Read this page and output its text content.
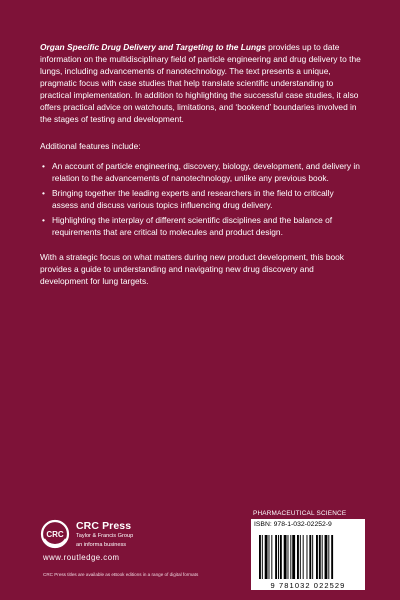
Organ Specific Drug Delivery and Targeting to the Lungs provides up to date information on the multidisciplinary field of particle engineering and drug delivery to the lungs, including advancements of nanotechnology. The text presents a unique, pragmatic focus with case studies that help translate scientific understanding to practical implementation. In addition to highlighting the successful case studies, it also offers practical advice on watchouts, limitations, and ‘bookend’ boundaries involved in the stages of testing and development.

Additional features include:

• An account of particle engineering, discovery, biology, development, and delivery in relation to the advancements of nanotechnology, unlike any previous book.
• Bringing together the leading experts and researchers in the field to critically assess and discuss various topics influencing drug delivery.
• Highlighting the interplay of different scientific disciplines and the balance of requirements that are critical to molecules and product design.

With a strategic focus on what matters during new product development, this book provides a guide to understanding and navigating new drug discovery and development for lung targets.

CRC
CRC Press
Taylor & Francis Group
an informa business
www.routledge.com
CRC Press titles are available as eBook editions in a range of digital formats
PHARMACEUTICAL SCIENCE
ISBN: 978-1-032-02252-9
9 781032 022529
